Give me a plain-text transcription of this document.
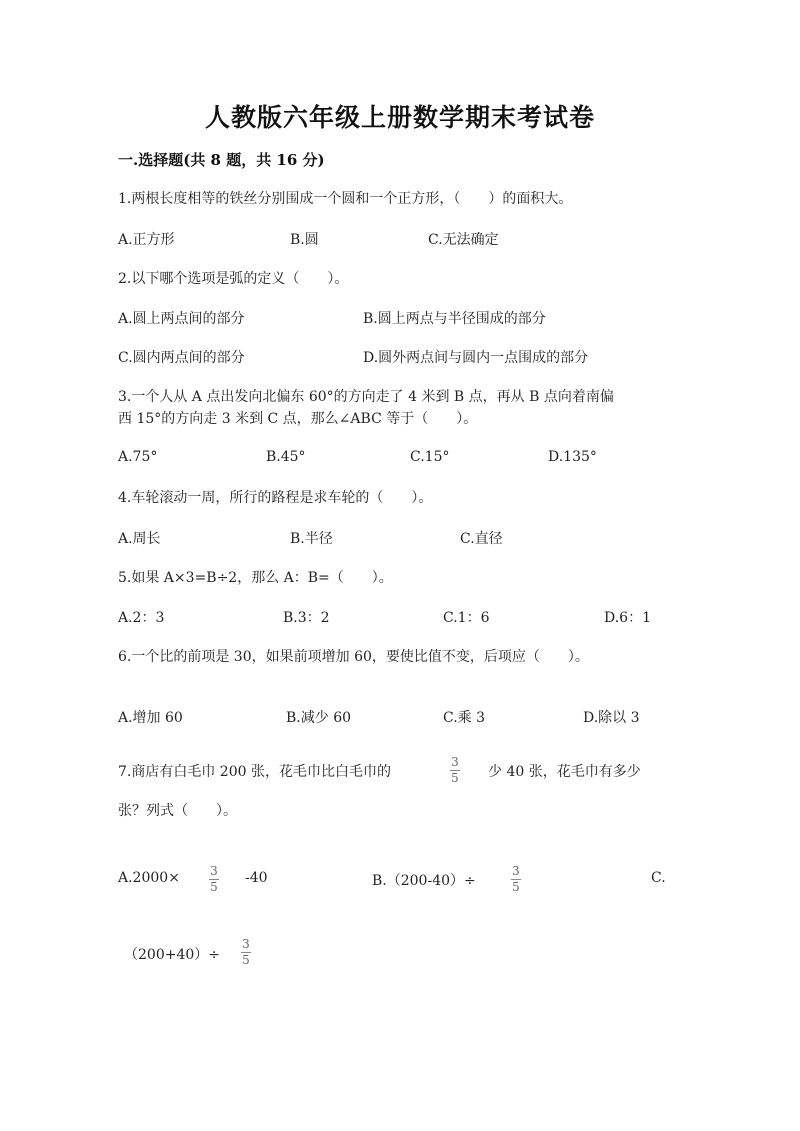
人教版六年级上册数学期末考试卷
一.选择题(共 8 题，共 16 分)
1.两根长度相等的铁丝分别围成一个圆和一个正方形，（　　）的面积大。
A.正方形	B.圆	C.无法确定
2.以下哪个选项是弧的定义（　　）。
A.圆上两点间的部分	B.圆上两点与半径围成的部分
C.圆内两点间的部分	D.圆外两点间与圆内一点围成的部分
3.一个人从 A 点出发向北偏东 60°的方向走了 4 米到 B 点，再从 B 点向着南偏
西 15°的方向走 3 米到 C 点，那么∠ABC 等于（　　）。
A.75°	B.45°	C.15°	D.135°
4.车轮滚动一周，所行的路程是求车轮的（　　）。
A.周长	B.半径	C.直径
5.如果 A×3=B÷2，那么 A：B=（　　）。
A.2：3	B.3：2	C.1：6	D.6：1
6.一个比的前项是 30，如果前项增加 60，要使比值不变，后项应（　　）。
A.增加 60	B.减少 60	C.乘 3	D.除以 3
7.商店有白毛巾 200 张，花毛巾比白毛巾的
3
5 少 40 张，花毛巾有多少
张？列式（　　）。
A.2000×	3
5
-40	B.（200-40）÷
3
5
C.
（200+40）÷
3
5
